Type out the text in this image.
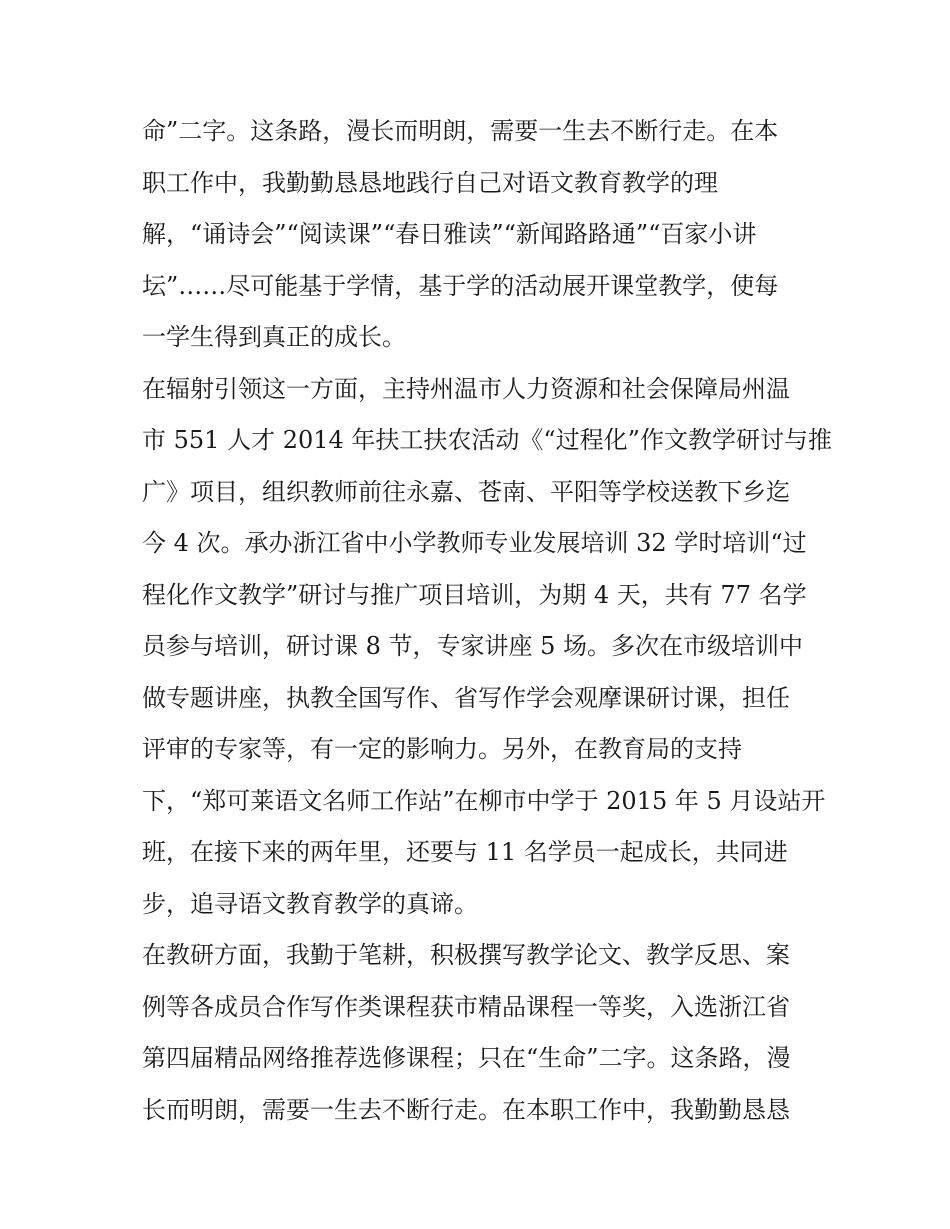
命”二字。这条路，漫长而明朗，需要一生去不断行走。在本
职工作中，我勤勤恳恳地践行自己对语文教育教学的理
解，“诵诗会”“阅读课”“春日雅读”“新闻路路通”“百家小讲
坛”……尽可能基于学情，基于学的活动展开课堂教学，使每
一学生得到真正的成长。
在辐射引领这一方面，主持州温市人力资源和社会保障局州温
市 551 人才 2014 年扶工扶农活动《“过程化”作文教学研讨与推
广》项目，组织教师前往永嘉、苍南、平阳等学校送教下乡迄
今 4 次。承办浙江省中小学教师专业发展培训 32 学时培训“过
程化作文教学”研讨与推广项目培训，为期 4 天，共有 77 名学
员参与培训，研讨课 8 节，专家讲座 5 场。多次在市级培训中
做专题讲座，执教全国写作、省写作学会观摩课研讨课，担任
评审的专家等，有一定的影响力。另外，在教育局的支持
下，“郑可莱语文名师工作站”在柳市中学于 2015 年 5 月设站开
班，在接下来的两年里，还要与 11 名学员一起成长，共同进
步，追寻语文教育教学的真谛。
在教研方面，我勤于笔耕，积极撰写教学论文、教学反思、案
例等各成员合作写作类课程获市精品课程一等奖，入选浙江省
第四届精品网络推荐选修课程；只在“生命”二字。这条路，漫
长而明朗，需要一生去不断行走。在本职工作中，我勤勤恳恳
